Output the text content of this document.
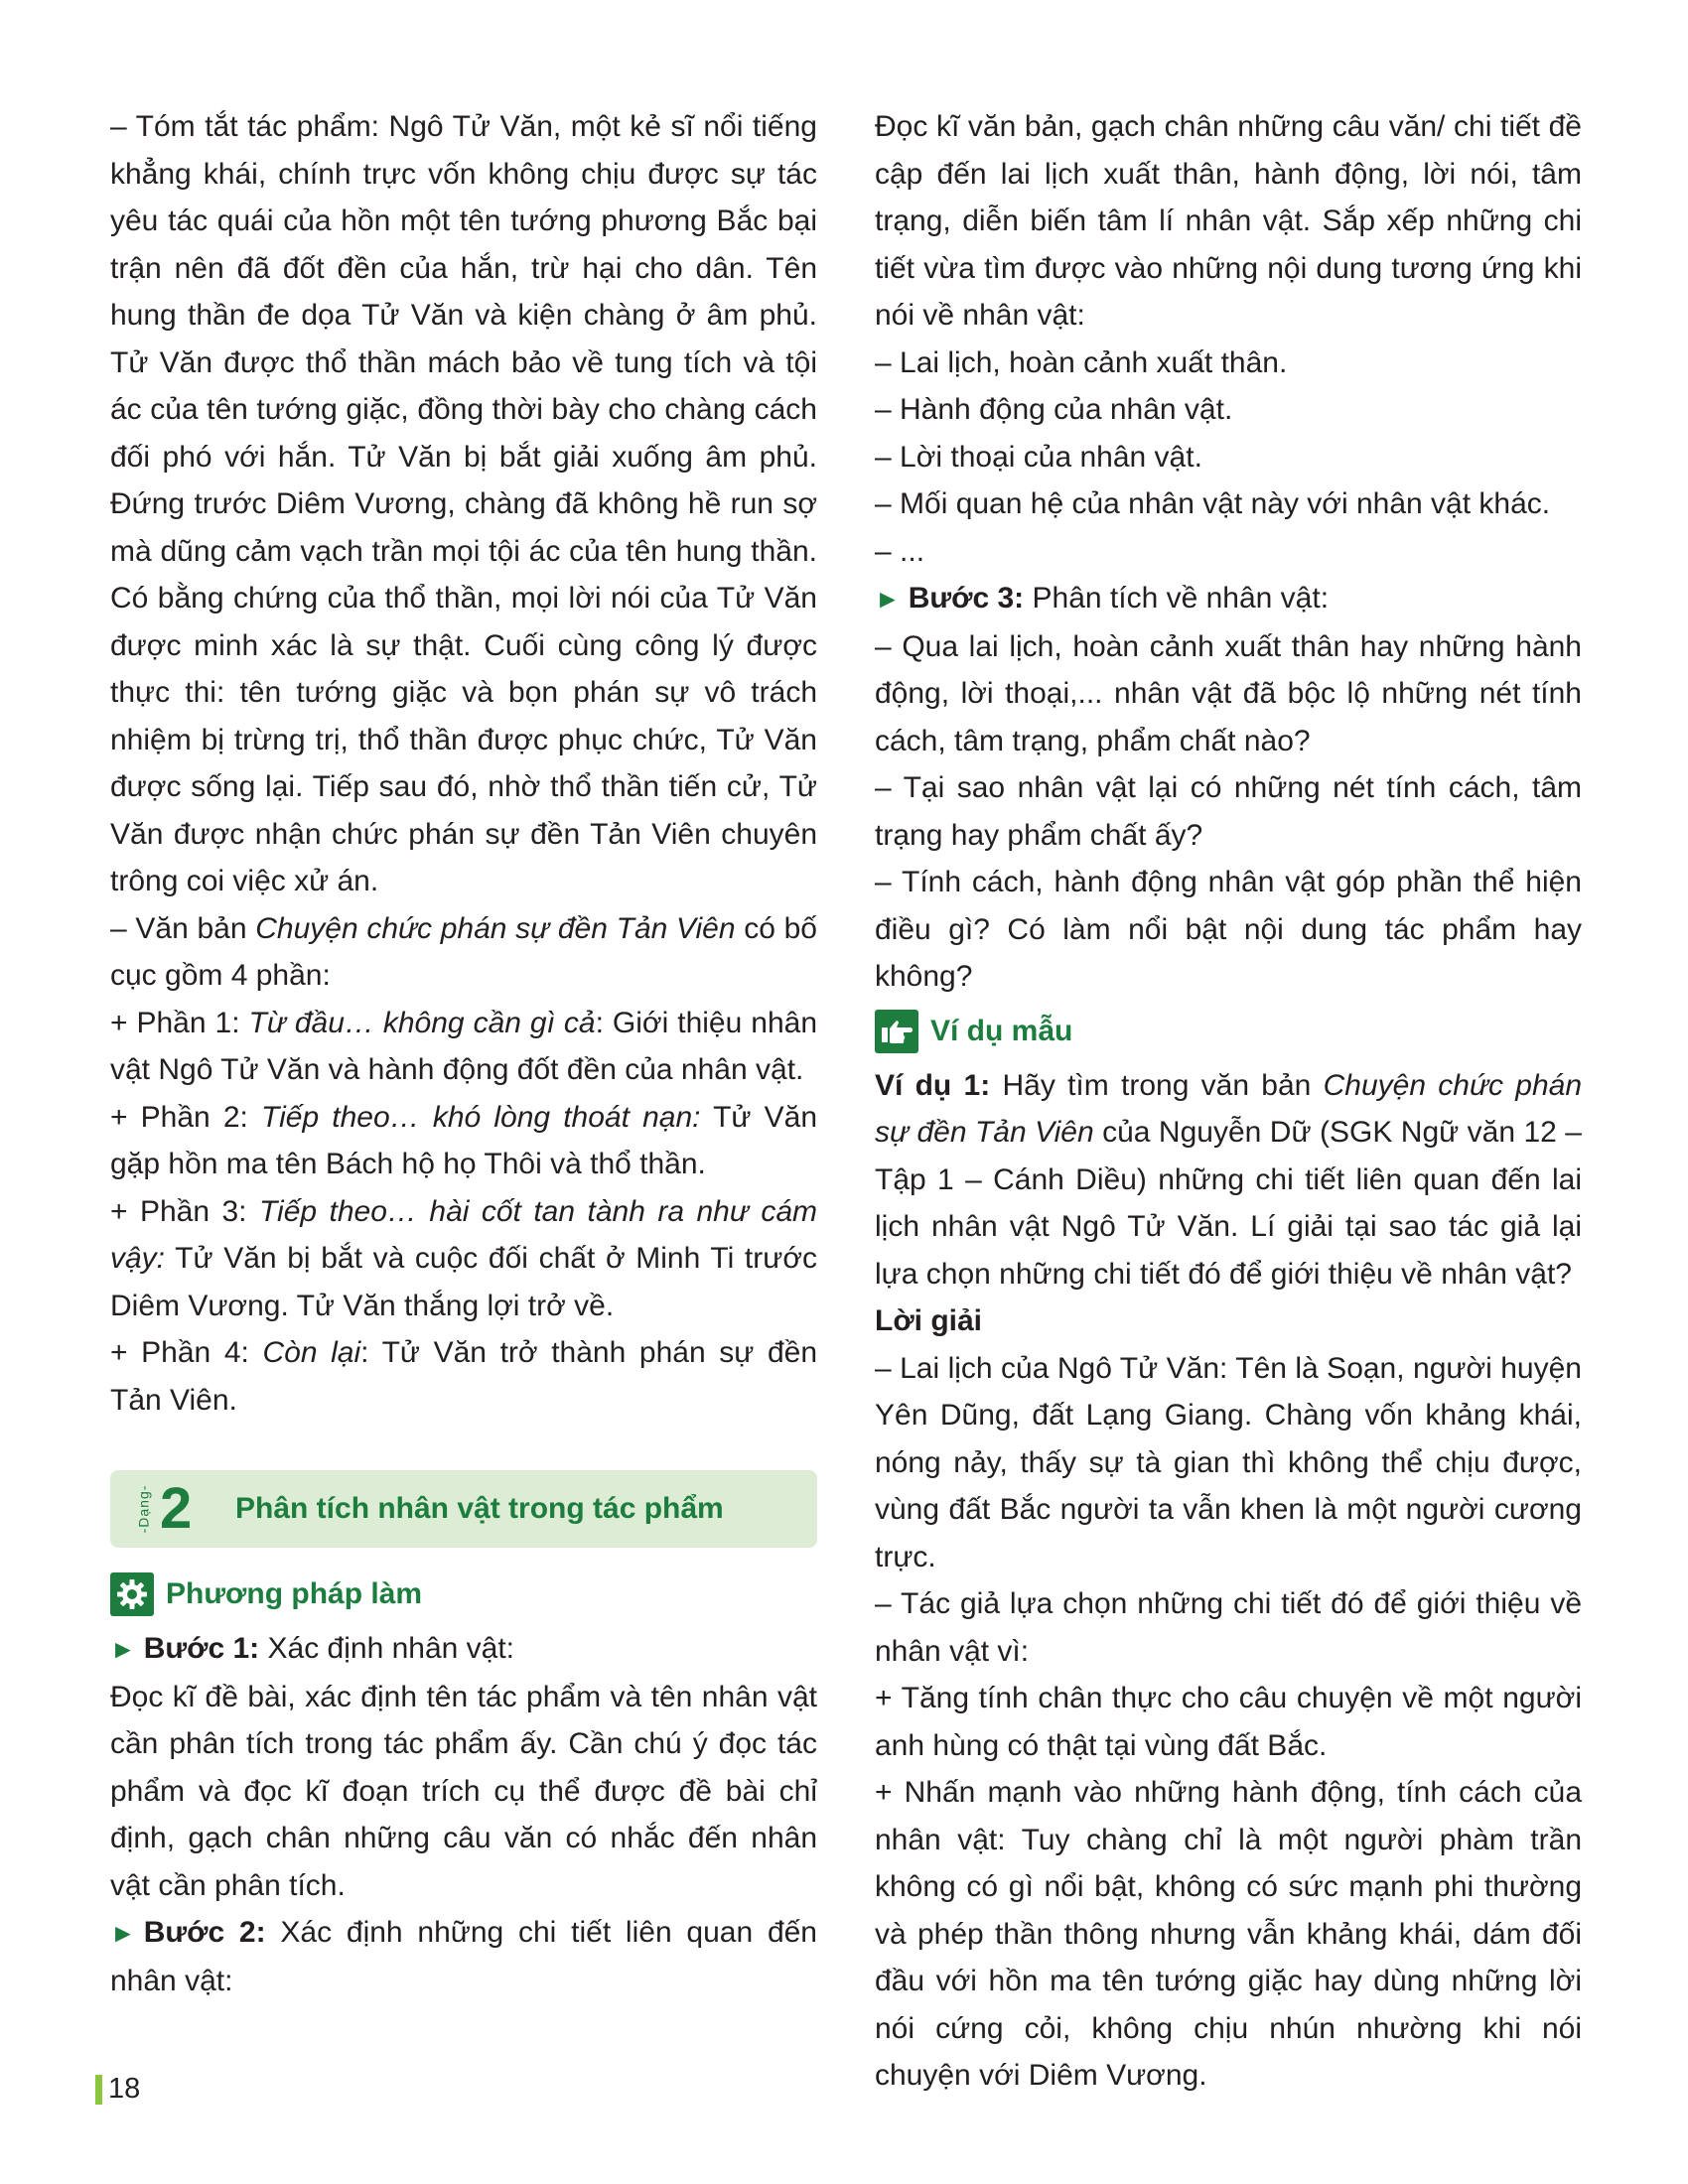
– Tóm tắt tác phẩm: Ngô Tử Văn, một kẻ sĩ nổi tiếng khẳng khái, chính trực vốn không chịu được sự tác yêu tác quái của hồn một tên tướng phương Bắc bại trận nên đã đốt đền của hắn, trừ hại cho dân. Tên hung thần đe dọa Tử Văn và kiện chàng ở âm phủ. Tử Văn được thổ thần mách bảo về tung tích và tội ác của tên tướng giặc, đồng thời bày cho chàng cách đối phó với hắn. Tử Văn bị bắt giải xuống âm phủ. Đứng trước Diêm Vương, chàng đã không hề run sợ mà dũng cảm vạch trần mọi tội ác của tên hung thần. Có bằng chứng của thổ thần, mọi lời nói của Tử Văn được minh xác là sự thật. Cuối cùng công lý được thực thi: tên tướng giặc và bọn phán sự vô trách nhiệm bị trừng trị, thổ thần được phục chức, Tử Văn được sống lại. Tiếp sau đó, nhờ thổ thần tiến cử, Tử Văn được nhận chức phán sự đền Tản Viên chuyên trông coi việc xử án.

– Văn bản Chuyện chức phán sự đền Tản Viên có bố cục gồm 4 phần:

+ Phần 1: Từ đầu… không cần gì cả: Giới thiệu nhân vật Ngô Tử Văn và hành động đốt đền của nhân vật.

+ Phần 2: Tiếp theo… khó lòng thoát nạn: Tử Văn gặp hồn ma tên Bách hộ họ Thôi và thổ thần.

+ Phần 3: Tiếp theo… hài cốt tan tành ra như cám vậy: Tử Văn bị bắt và cuộc đối chất ở Minh Ti trước Diêm Vương. Tử Văn thắng lợi trở về.

+ Phần 4: Còn lại: Tử Văn trở thành phán sự đền Tản Viên.

-Dạng- 2 Phân tích nhân vật trong tác phẩm
Phương pháp làm

► Bước 1: Xác định nhân vật:

Đọc kĩ đề bài, xác định tên tác phẩm và tên nhân vật cần phân tích trong tác phẩm ấy. Cần chú ý đọc tác phẩm và đọc kĩ đoạn trích cụ thể được đề bài chỉ định, gạch chân những câu văn có nhắc đến nhân vật cần phân tích.

► Bước 2: Xác định những chi tiết liên quan đến nhân vật:

Đọc kĩ văn bản, gạch chân những câu văn/ chi tiết đề cập đến lai lịch xuất thân, hành động, lời nói, tâm trạng, diễn biến tâm lí nhân vật. Sắp xếp những chi tiết vừa tìm được vào những nội dung tương ứng khi nói về nhân vật:

– Lai lịch, hoàn cảnh xuất thân.

– Hành động của nhân vật.

– Lời thoại của nhân vật.

– Mối quan hệ của nhân vật này với nhân vật khác.

– ...

► Bước 3: Phân tích về nhân vật:

– Qua lai lịch, hoàn cảnh xuất thân hay những hành động, lời thoại,... nhân vật đã bộc lộ những nét tính cách, tâm trạng, phẩm chất nào?

– Tại sao nhân vật lại có những nét tính cách, tâm trạng hay phẩm chất ấy?

– Tính cách, hành động nhân vật góp phần thể hiện điều gì? Có làm nổi bật nội dung tác phẩm hay không?

Ví dụ mẫu

Ví dụ 1: Hãy tìm trong văn bản Chuyện chức phán sự đền Tản Viên của Nguyễn Dữ (SGK Ngữ văn 12 – Tập 1 – Cánh Diều) những chi tiết liên quan đến lai lịch nhân vật Ngô Tử Văn. Lí giải tại sao tác giả lại lựa chọn những chi tiết đó để giới thiệu về nhân vật?

Lời giải

– Lai lịch của Ngô Tử Văn: Tên là Soạn, người huyện Yên Dũng, đất Lạng Giang. Chàng vốn khảng khái, nóng nảy, thấy sự tà gian thì không thể chịu được, vùng đất Bắc người ta vẫn khen là một người cương trực.

– Tác giả lựa chọn những chi tiết đó để giới thiệu về nhân vật vì:

+ Tăng tính chân thực cho câu chuyện về một người anh hùng có thật tại vùng đất Bắc.

+ Nhấn mạnh vào những hành động, tính cách của nhân vật: Tuy chàng chỉ là một người phàm trần không có gì nổi bật, không có sức mạnh phi thường và phép thần thông nhưng vẫn khảng khái, dám đối đầu với hồn ma tên tướng giặc hay dùng những lời nói cứng cỏi, không chịu nhún nhường khi nói chuyện với Diêm Vương.

18
